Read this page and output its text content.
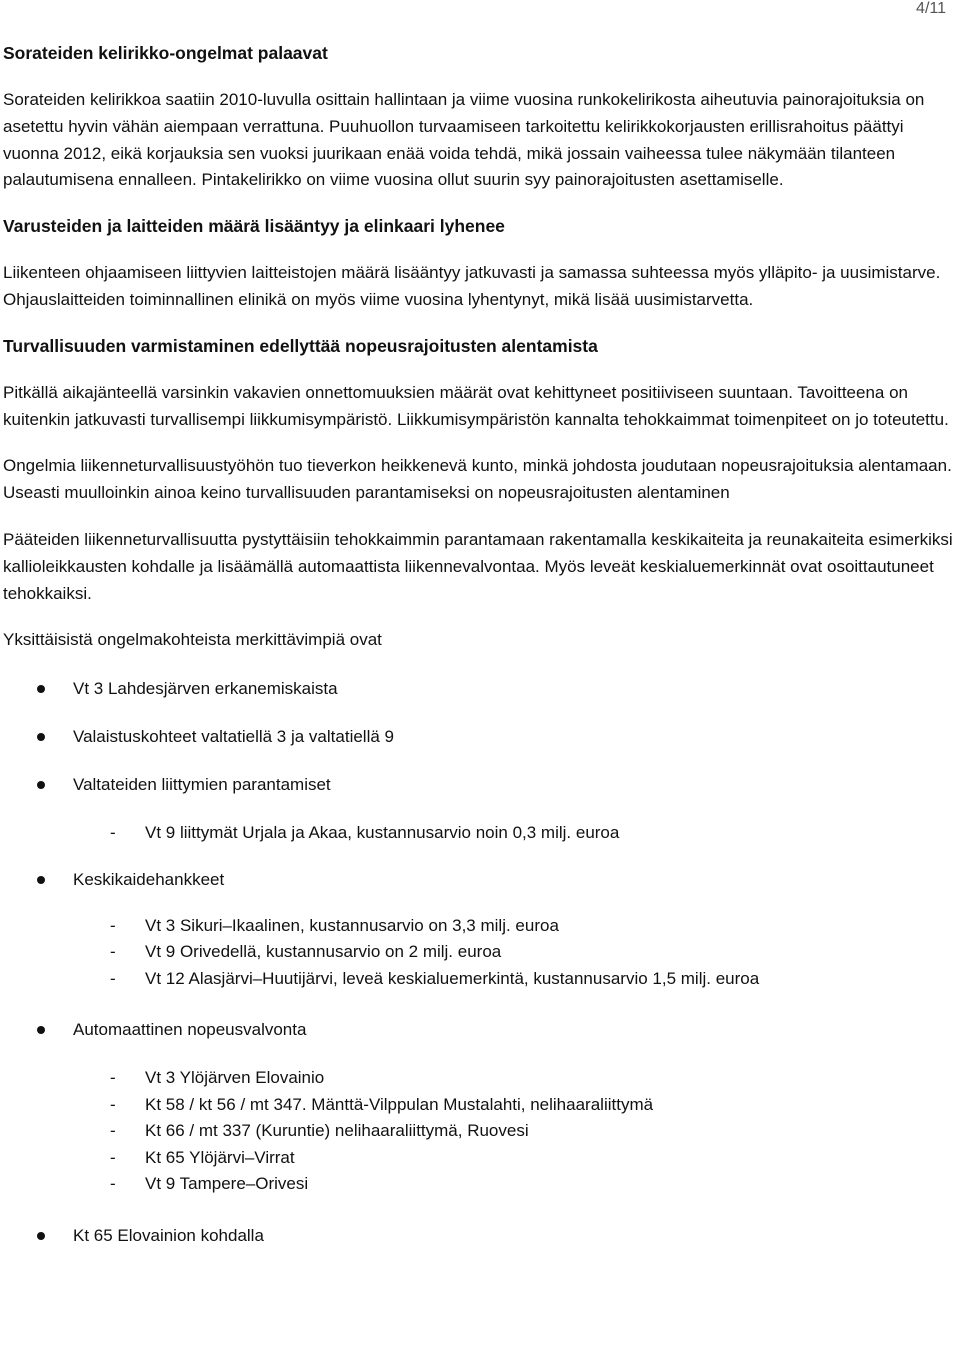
4/11

Sorateiden kelirikko-ongelmat palaavat

Sorateiden kelirikkoa saatiin 2010-luvulla osittain hallintaan ja viime vuosina runkokelirikosta aiheutuvia painorajoituksia on asetettu hyvin vähän aiempaan verrattuna. Puuhuollon turvaamiseen tarkoitettu kelirikkokorjausten erillisrahoitus päättyi vuonna 2012, eikä korjauksia sen vuoksi juurikaan enää voida tehdä, mikä jossain vaiheessa tulee näkymään tilanteen palautumisena ennalleen. Pintakelirikko on viime vuosina ollut suurin syy painorajoitusten asettamiselle.

Varusteiden ja laitteiden määrä lisääntyy ja elinkaari lyhenee

Liikenteen ohjaamiseen liittyvien laitteistojen määrä lisääntyy jatkuvasti ja samassa suhteessa myös ylläpito- ja uusimistarve. Ohjauslaitteiden toiminnallinen elinikä on myös viime vuosina lyhentynyt, mikä lisää uusimistarvetta.

Turvallisuuden varmistaminen edellyttää nopeusrajoitusten alentamista

Pitkällä aikajänteellä varsinkin vakavien onnettomuuksien määrät ovat kehittyneet positiiviseen suuntaan. Tavoitteena on kuitenkin jatkuvasti turvallisempi liikkumisympäristö. Liikkumisympäristön kannalta tehokkaimmat toimenpiteet on jo toteutettu.

Ongelmia liikenneturvallisuustyöhön tuo tieverkon heikkenevä kunto, minkä johdosta joudutaan nopeusrajoituksia alentamaan. Useasti muulloinkin ainoa keino turvallisuuden parantamiseksi on nopeusrajoitusten alentaminen

Pääteiden liikenneturvallisuutta pystyttäisiin tehokkaimmin parantamaan rakentamalla keskikaiteita ja reunakaiteita esimerkiksi kallioleikkausten kohdalle ja lisäämällä automaattista liikennevalvontaa. Myös leveät keskialuemerkinnät ovat osoittautuneet tehokkaiksi.

Yksittäisistä ongelmakohteista merkittävimpiä ovat

Vt 3 Lahdesjärven erkanemiskaista
Valaistuskohteet valtatiellä 3 ja valtatiellä 9
Valtateiden liittymien parantamiset
- Vt 9 liittymät Urjala ja Akaa, kustannusarvio noin 0,3 milj. euroa
Keskikaidehankkeet
- Vt 3 Sikuri–Ikaalinen, kustannusarvio on 3,3 milj. euroa
- Vt 9 Orivedellä, kustannusarvio on 2 milj. euroa
- Vt 12 Alasjärvi–Huutijärvi, leveä keskialuemerkintä, kustannusarvio 1,5 milj. euroa
Automaattinen nopeusvalvonta
- Vt 3 Ylöjärven Elovainio
- Kt 58 / kt 56 / mt 347. Mänttä-Vilppulan Mustalahti, nelihaaraliittymä
- Kt 66 / mt 337 (Kuruntie) nelihaaraliittymä, Ruovesi
- Kt 65 Ylöjärvi–Virrat
- Vt 9 Tampere–Orivesi
Kt 65 Elovainion kohdalla
